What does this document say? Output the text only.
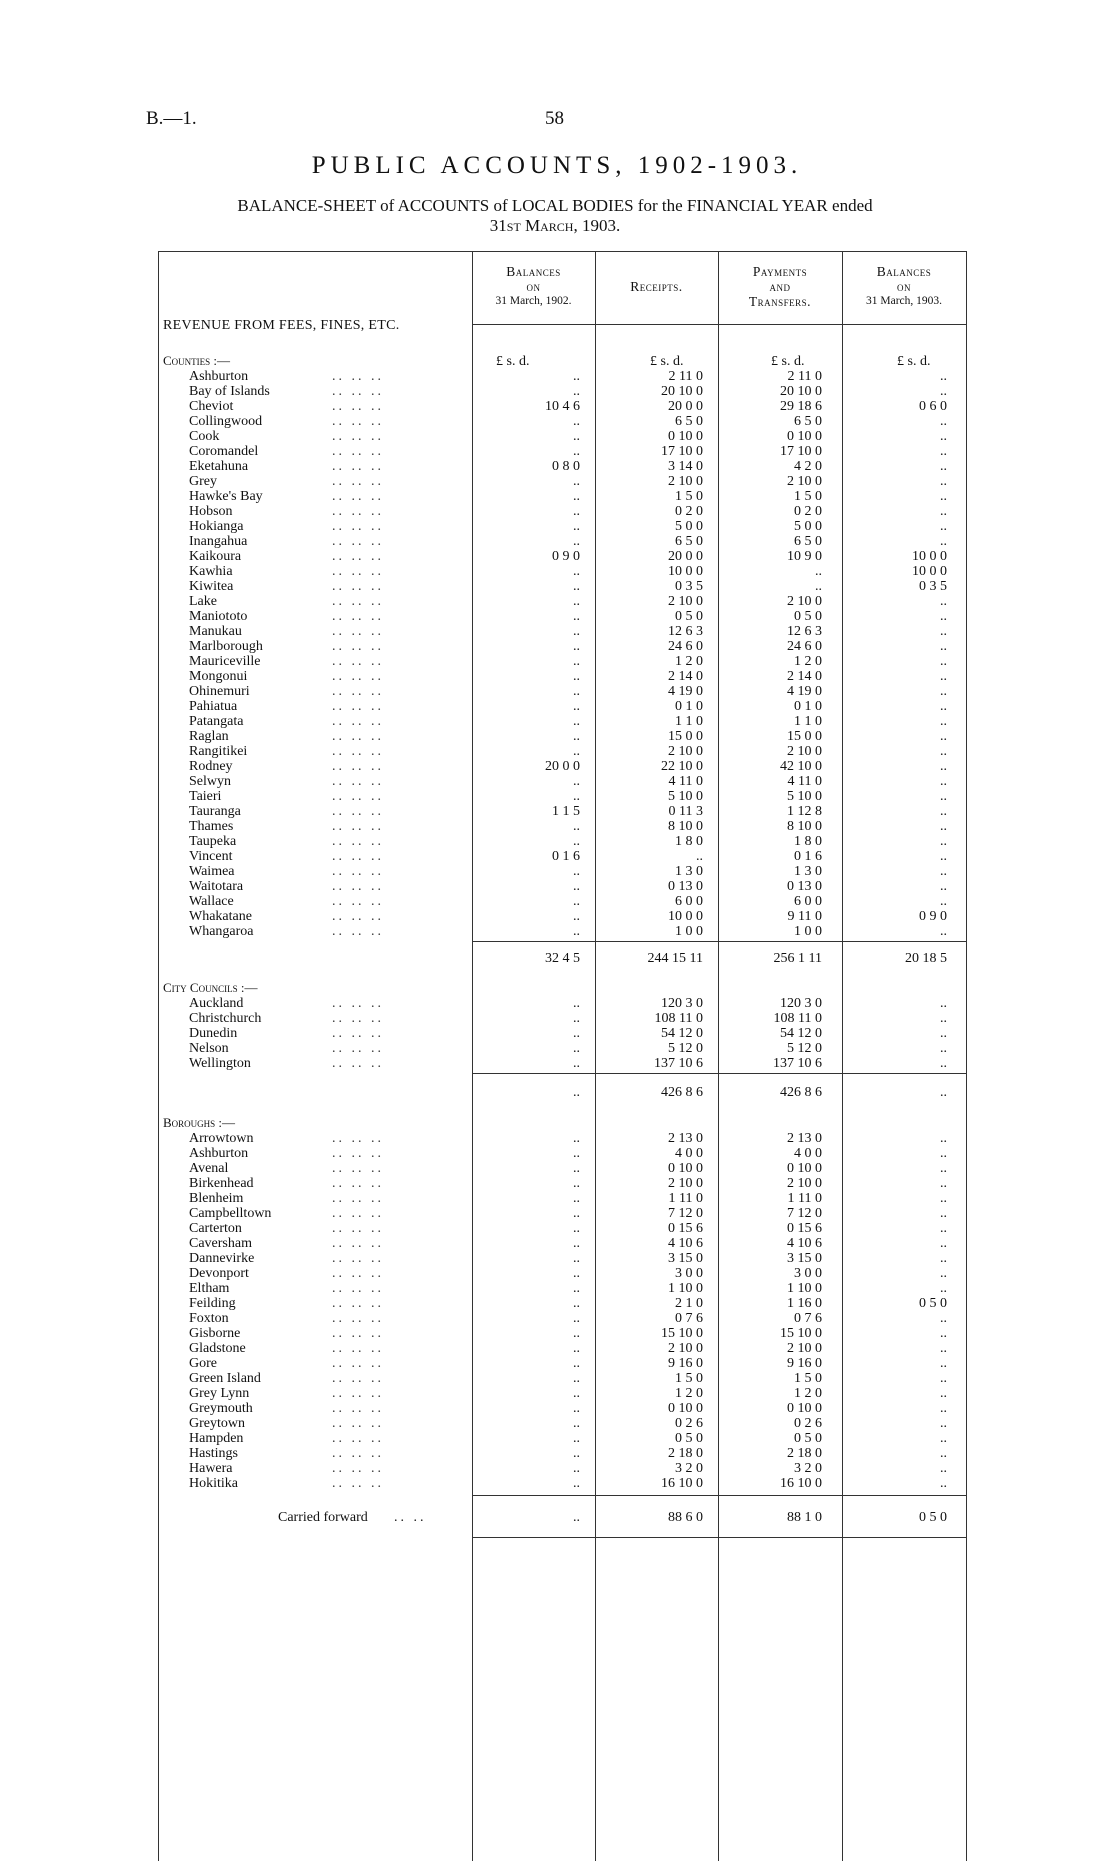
B.—1.	58
PUBLIC ACCOUNTS, 1902-1903.
BALANCE-SHEET of ACCOUNTS of LOCAL BODIES for the FINANCIAL YEAR ended
31st March, 1903.
Balances
on
31 March, 1902.
Receipts.
Payments
and
Transfers.
Balances
on
31 March, 1903.
REVENUE FROM FEES, FINES, ETC.
£ s. d.	£ s. d.	£ s. d.	£ s. d.
Counties :—
Ashburton	.. .. ..	..	2 11 0	2 11 0	..
Bay of Islands	.. .. ..	..	20 10 0	20 10 0	..
Cheviot	.. .. ..	10 4 6	20 0 0	29 18 6	0 6 0
Collingwood	.. .. ..	..	6 5 0	6 5 0	..
Cook	.. .. ..	..	0 10 0	0 10 0	..
Coromandel	.. .. ..	..	17 10 0	17 10 0	..
Eketahuna	.. .. ..	0 8 0	3 14 0	4 2 0	..
Grey	.. .. ..	..	2 10 0	2 10 0	..
Hawke's Bay	.. .. ..	..	1 5 0	1 5 0	..
Hobson	.. .. ..	..	0 2 0	0 2 0	..
Hokianga	.. .. ..	..	5 0 0	5 0 0	..
Inangahua	.. .. ..	..	6 5 0	6 5 0	..
Kaikoura	.. .. ..	0 9 0	20 0 0	10 9 0	10 0 0
Kawhia	.. .. ..	..	10 0 0	..	10 0 0
Kiwitea	.. .. ..	..	0 3 5	..	0 3 5
Lake	.. .. ..	..	2 10 0	2 10 0	..
Maniototo	.. .. ..	..	0 5 0	0 5 0	..
Manukau	.. .. ..	..	12 6 3	12 6 3	..
Marlborough	.. .. ..	..	24 6 0	24 6 0	..
Mauriceville	.. .. ..	..	1 2 0	1 2 0	..
Mongonui	.. .. ..	..	2 14 0	2 14 0	..
Ohinemuri	.. .. ..	..	4 19 0	4 19 0	..
Pahiatua	.. .. ..	..	0 1 0	0 1 0	..
Patangata	.. .. ..	..	1 1 0	1 1 0	..
Raglan	.. .. ..	..	15 0 0	15 0 0	..
Rangitikei	.. .. ..	..	2 10 0	2 10 0	..
Rodney	.. .. ..	20 0 0	22 10 0	42 10 0	..
Selwyn	.. .. ..	..	4 11 0	4 11 0	..
Taieri	.. .. ..	..	5 10 0	5 10 0	..
Tauranga	.. .. ..	1 1 5	0 11 3	1 12 8	..
Thames	.. .. ..	..	8 10 0	8 10 0	..
Taupeka	.. .. ..	..	1 8 0	1 8 0	..
Vincent	.. .. ..	0 1 6	..	0 1 6	..
Waimea	.. .. ..	..	1 3 0	1 3 0	..
Waitotara	.. .. ..	..	0 13 0	0 13 0	..
Wallace	.. .. ..	..	6 0 0	6 0 0	..
Whakatane	.. .. ..	..	10 0 0	9 11 0	0 9 0
Whangaroa	.. .. ..	..	1 0 0	1 0 0	..
32 4 5	244 15 11	256 1 11	20 18 5
City Councils :—
Auckland	.. .. ..	..	120 3 0	120 3 0	..
Christchurch	.. .. ..	..	108 11 0	108 11 0	..
Dunedin	.. .. ..	..	54 12 0	54 12 0	..
Nelson	.. .. ..	..	5 12 0	5 12 0	..
Wellington	.. .. ..	..	137 10 6	137 10 6	..
..	426 8 6	426 8 6	..
Boroughs :—
Arrowtown	.. .. ..	..	2 13 0	2 13 0	..
Ashburton	.. .. ..	..	4 0 0	4 0 0	..
Avenal	.. .. ..	..	0 10 0	0 10 0	..
Birkenhead	.. .. ..	..	2 10 0	2 10 0	..
Blenheim	.. .. ..	..	1 11 0	1 11 0	..
Campbelltown	.. .. ..	..	7 12 0	7 12 0	..
Carterton	.. .. ..	..	0 15 6	0 15 6	..
Caversham	.. .. ..	..	4 10 6	4 10 6	..
Dannevirke	.. .. ..	..	3 15 0	3 15 0	..
Devonport	.. .. ..	..	3 0 0	3 0 0	..
Eltham	.. .. ..	..	1 10 0	1 10 0	..
Feilding	.. .. ..	..	2 1 0	1 16 0	0 5 0
Foxton	.. .. ..	..	0 7 6	0 7 6	..
Gisborne	.. .. ..	..	15 10 0	15 10 0	..
Gladstone	.. .. ..	..	2 10 0	2 10 0	..
Gore	.. .. ..	..	9 16 0	9 16 0	..
Green Island	.. .. ..	..	1 5 0	1 5 0	..
Grey Lynn	.. .. ..	..	1 2 0	1 2 0	..
Greymouth	.. .. ..	..	0 10 0	0 10 0	..
Greytown	.. .. ..	..	0 2 6	0 2 6	..
Hampden	.. .. ..	..	0 5 0	0 5 0	..
Hastings	.. .. ..	..	2 18 0	2 18 0	..
Hawera	.. .. ..	..	3 2 0	3 2 0	..
Hokitika	.. .. ..	..	16 10 0	16 10 0	..
Carried forward .. ..	..	88 6 0	88 1 0	0 5 0
